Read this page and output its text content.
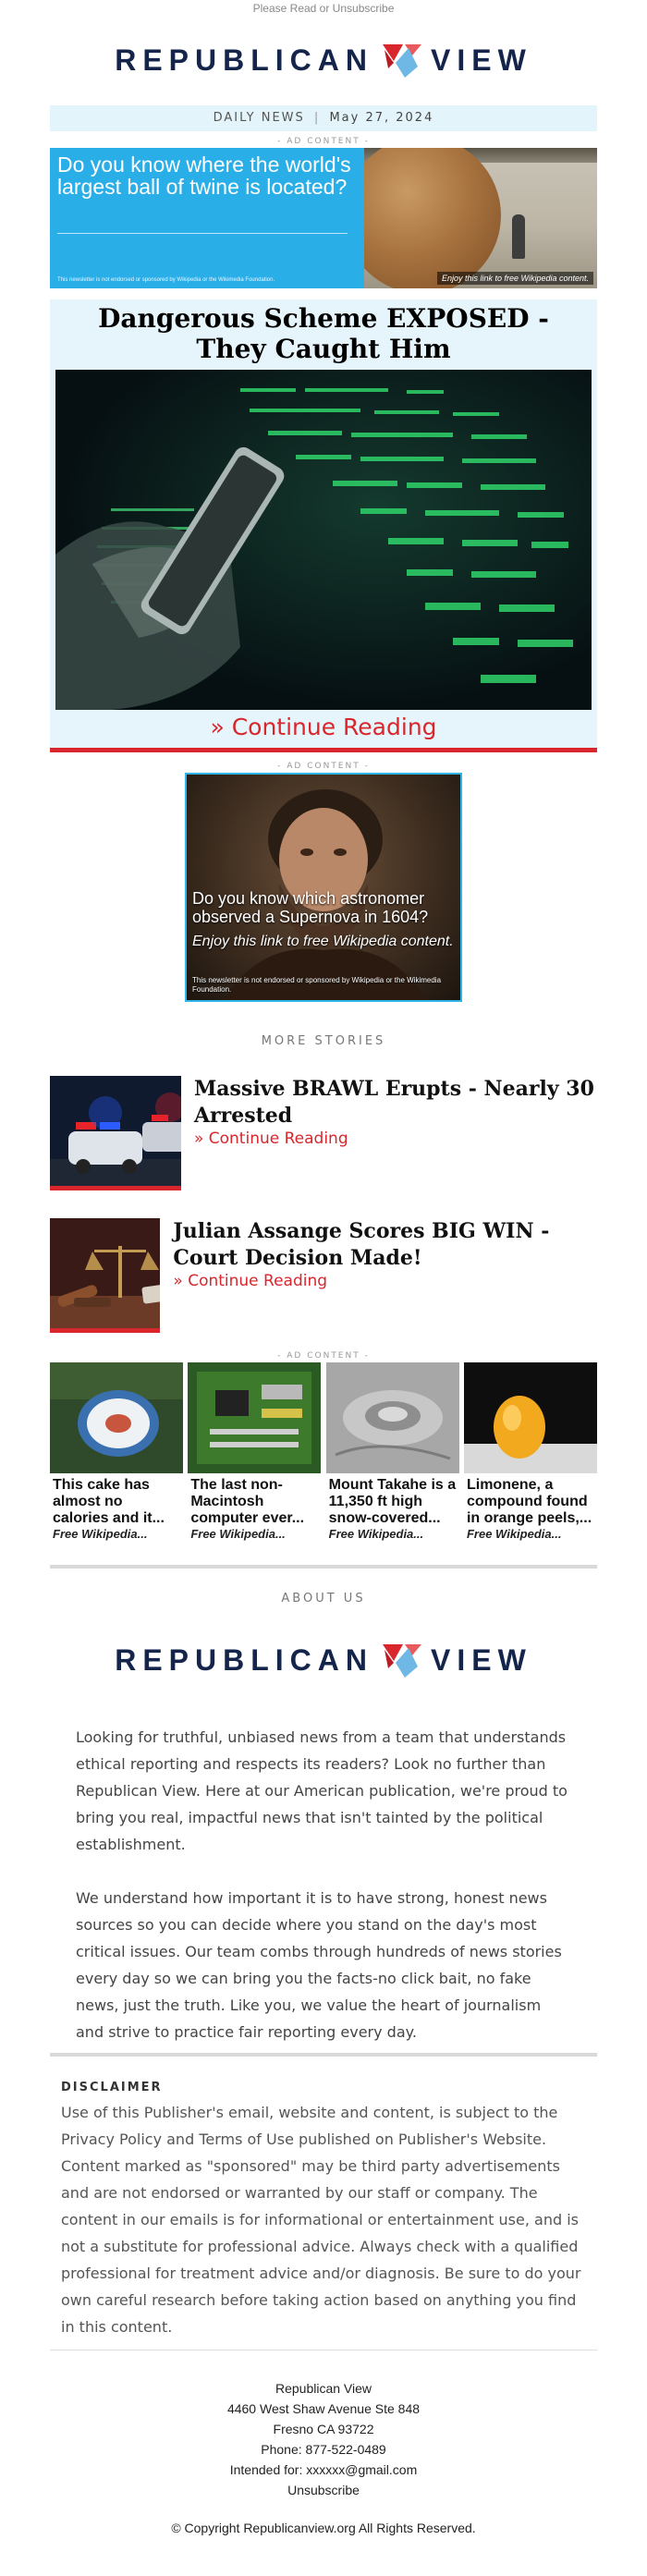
Please Read or Unsubscribe
REPUBLICAN VIEW
DAILY NEWS | May 27, 2024
- AD CONTENT -
Do you know where the world's largest ball of twine is located?
This newsletter is not endorsed or sponsored by Wikipedia or the Wikimedia Foundation.	Enjoy this link to free Wikipedia content.
Dangerous Scheme EXPOSED - They Caught Him
» Continue Reading
- AD CONTENT -
Do you know which astronomer observed a Supernova in 1604?
Enjoy this link to free Wikipedia content.
This newsletter is not endorsed or sponsored by Wikipedia or the Wikimedia Foundation.
MORE STORIES
Massive BRAWL Erupts - Nearly 30 Arrested
» Continue Reading
Julian Assange Scores BIG WIN - Court Decision Made!
» Continue Reading
- AD CONTENT -
This cake has almost no calories and it...
Free Wikipedia...
The last non-Macintosh computer ever...
Free Wikipedia...
Mount Takahe is a 11,350 ft high snow-covered...
Free Wikipedia...
Limonene, a compound found in orange peels,...
Free Wikipedia...
ABOUT US
REPUBLICAN VIEW

Looking for truthful, unbiased news from a team that understands ethical reporting and respects its readers? Look no further than Republican View. Here at our American publication, we're proud to bring you real, impactful news that isn't tainted by the political establishment.

We understand how important it is to have strong, honest news sources so you can decide where you stand on the day's most critical issues. Our team combs through hundreds of news stories every day so we can bring you the facts-no click bait, no fake news, just the truth. Like you, we value the heart of journalism and strive to practice fair reporting every day.

DISCLAIMER

Use of this Publisher's email, website and content, is subject to the Privacy Policy and Terms of Use published on Publisher's Website. Content marked as "sponsored" may be third party advertisements and are not endorsed or warranted by our staff or company. The content in our emails is for informational or entertainment use, and is not a substitute for professional advice. Always check with a qualified professional for treatment advice and/or diagnosis. Be sure to do your own careful research before taking action based on anything you find in this content.

Republican View
4460 West Shaw Avenue Ste 848
Fresno CA 93722
Phone: 877-522-0489
Intended for: xxxxxx@gmail.com
Unsubscribe
© Copyright Republicanview.org All Rights Reserved.
